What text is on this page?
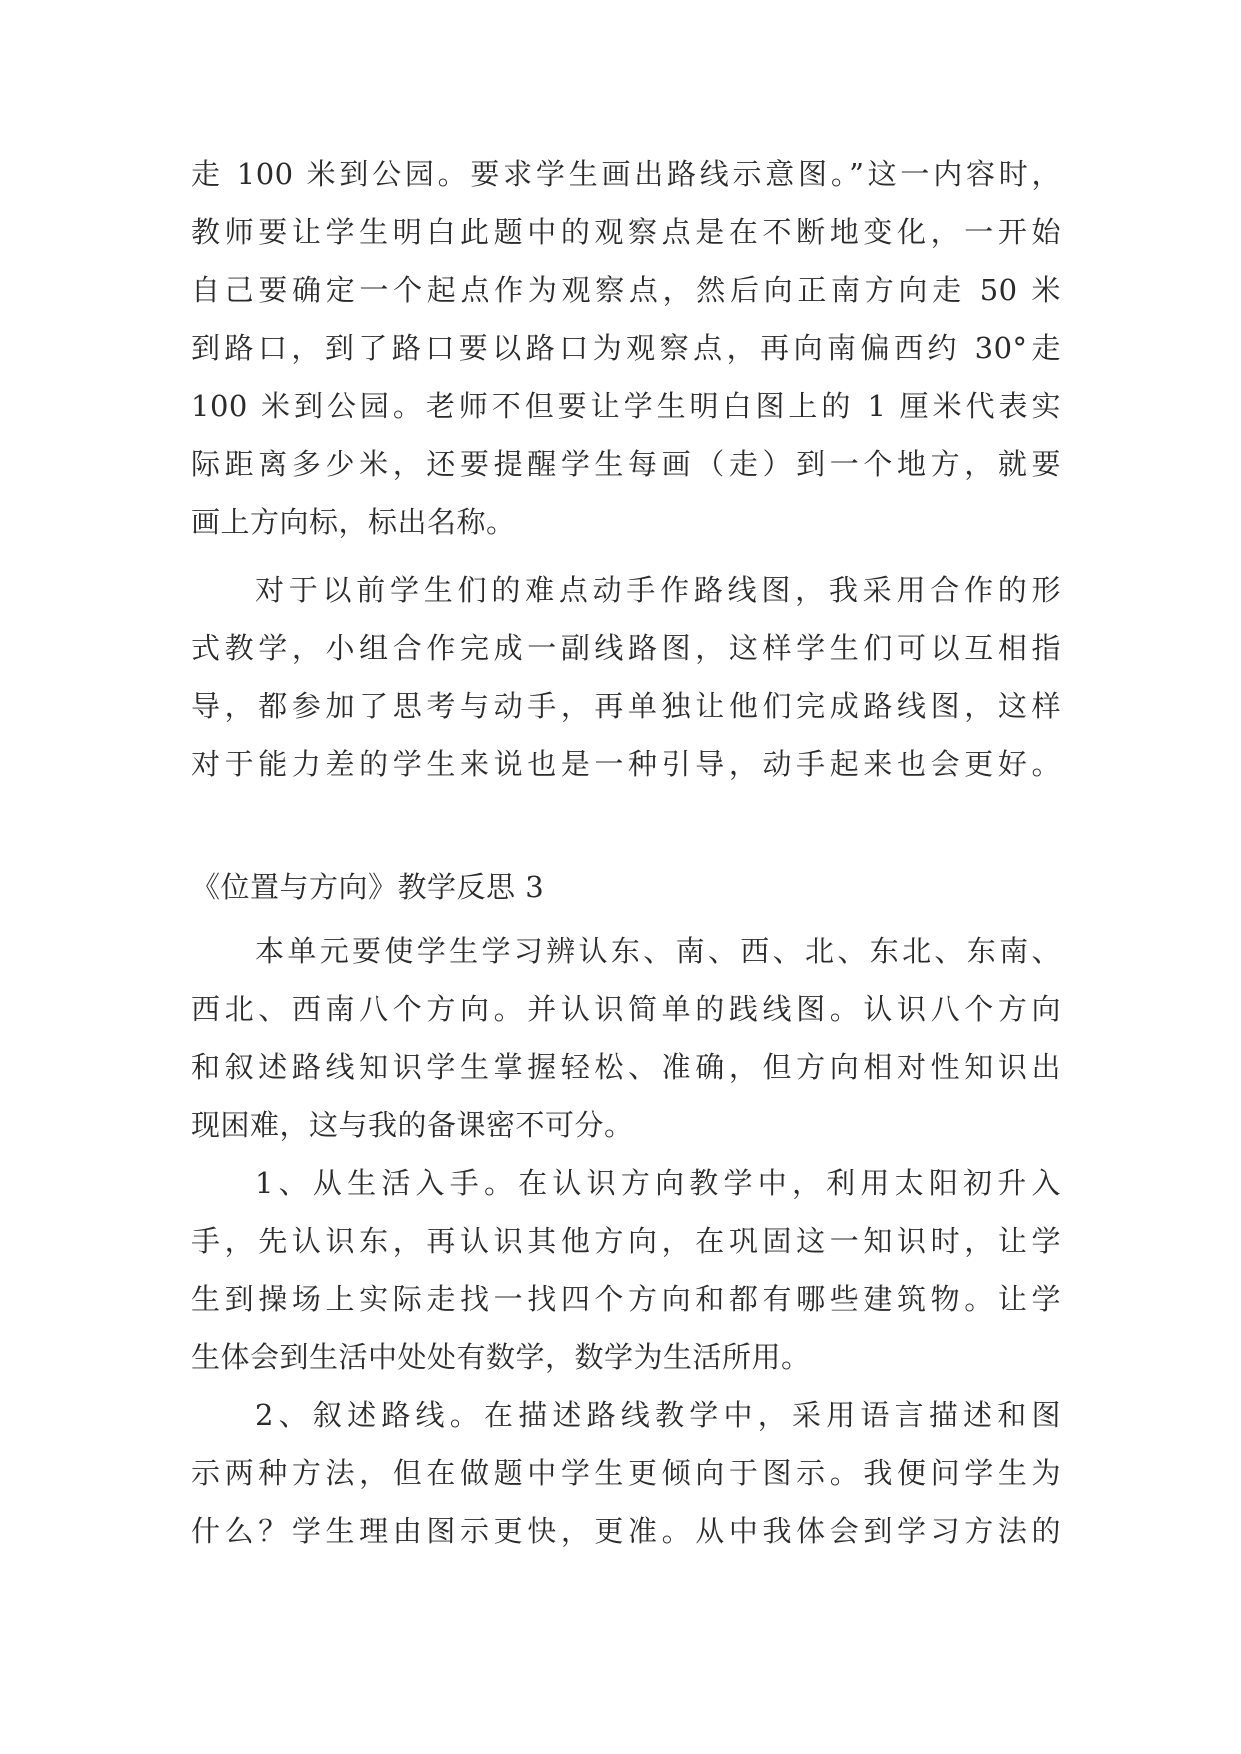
走 100 米到公园。要求学生画出路线示意图。”这一内容时，
教师要让学生明白此题中的观察点是在不断地变化，一开始
自己要确定一个起点作为观察点，然后向正南方向走 50 米
到路口，到了路口要以路口为观察点，再向南偏西约 30°走
100 米到公园。老师不但要让学生明白图上的 1 厘米代表实
际距离多少米，还要提醒学生每画（走）到一个地方，就要
画上方向标，标出名称。
对于以前学生们的难点动手作路线图，我采用合作的形
式教学，小组合作完成一副线路图，这样学生们可以互相指
导，都参加了思考与动手，再单独让他们完成路线图，这样
对于能力差的学生来说也是一种引导，动手起来也会更好。
《位置与方向》教学反思 3
本单元要使学生学习辨认东、南、西、北、东北、东南、
西北、西南八个方向。并认识简单的践线图。认识八个方向
和叙述路线知识学生掌握轻松、准确，但方向相对性知识出
现困难，这与我的备课密不可分。
1、从生活入手。在认识方向教学中，利用太阳初升入
手，先认识东，再认识其他方向，在巩固这一知识时，让学
生到操场上实际走找一找四个方向和都有哪些建筑物。让学
生体会到生活中处处有数学，数学为生活所用。
2、叙述路线。在描述路线教学中，采用语言描述和图
示两种方法，但在做题中学生更倾向于图示。我便问学生为
什么？学生理由图示更快，更准。从中我体会到学习方法的
